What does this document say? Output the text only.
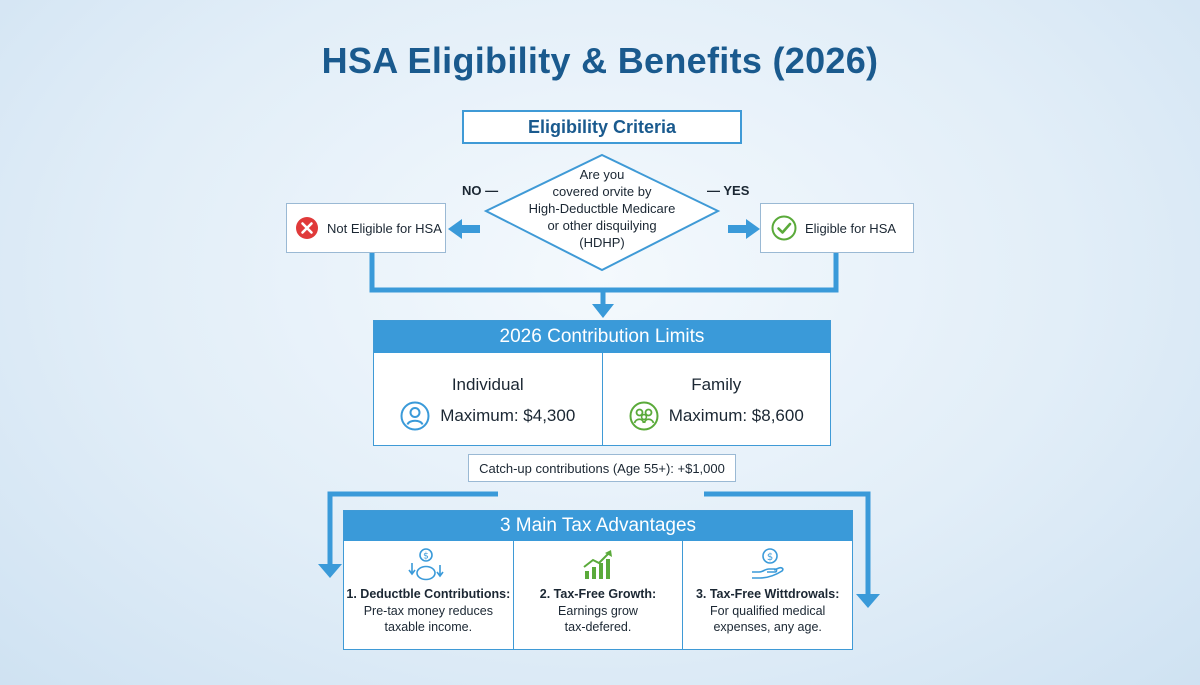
HSA Eligibility & Benefits (2026)
Eligibility Criteria
Are you
covered orvite by
High-Deductble Medicare
or other disquilying
(HDHP)
NO —	— YES
Not Eligible for HSA	Eligible for HSA
2026 Contribution Limits
Individual
Maximum: $4,300
Family
Maximum: $8,600
Catch-up contributions (Age 55+): +$1,000
3 Main Tax Advantages
$
1. Deductble Contributions:
Pre-tax money reduces
taxable income.
2. Tax-Free Growth:
Earnings grow
tax-defered.
$
3. Tax-Free Wittdrowals:
For qualified medical
expenses, any age.
